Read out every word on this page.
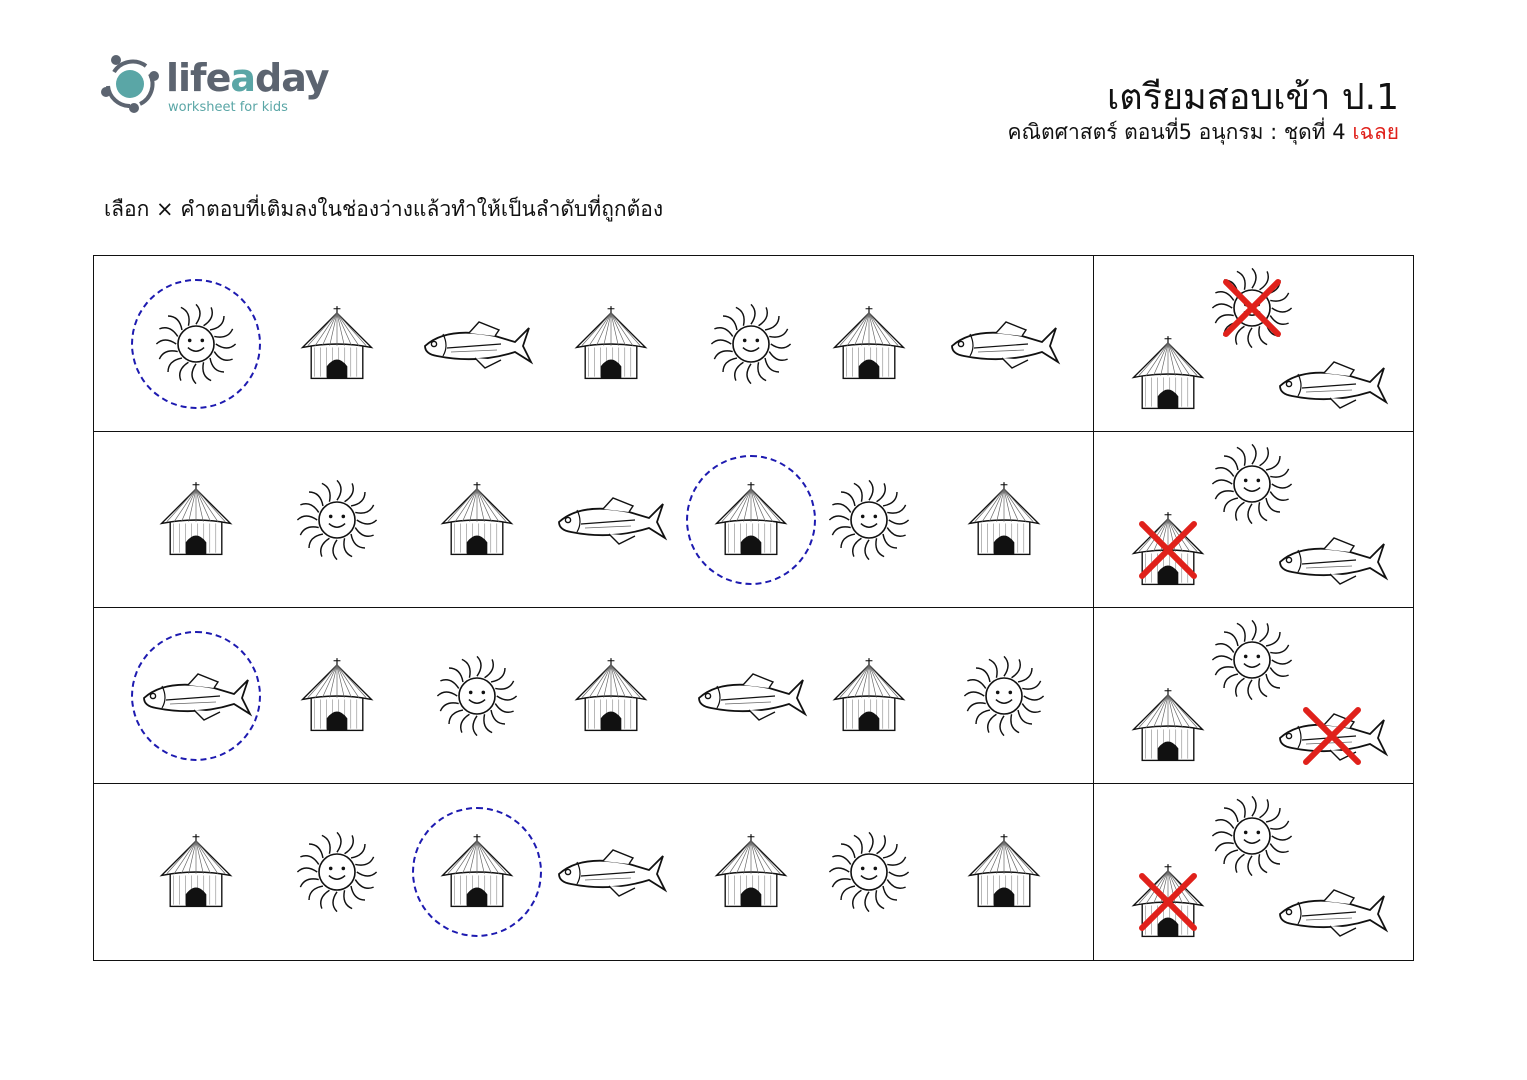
lifeaday
worksheet for kids	เตรียมสอบเข้า ป.1
คณิตศาสตร์ ตอนที่5 อนุกรม : ชุดที่ 4 เฉลย
เลือก × คำตอบที่เติมลงในช่องว่างแล้วทำให้เป็นลำดับที่ถูกต้อง
